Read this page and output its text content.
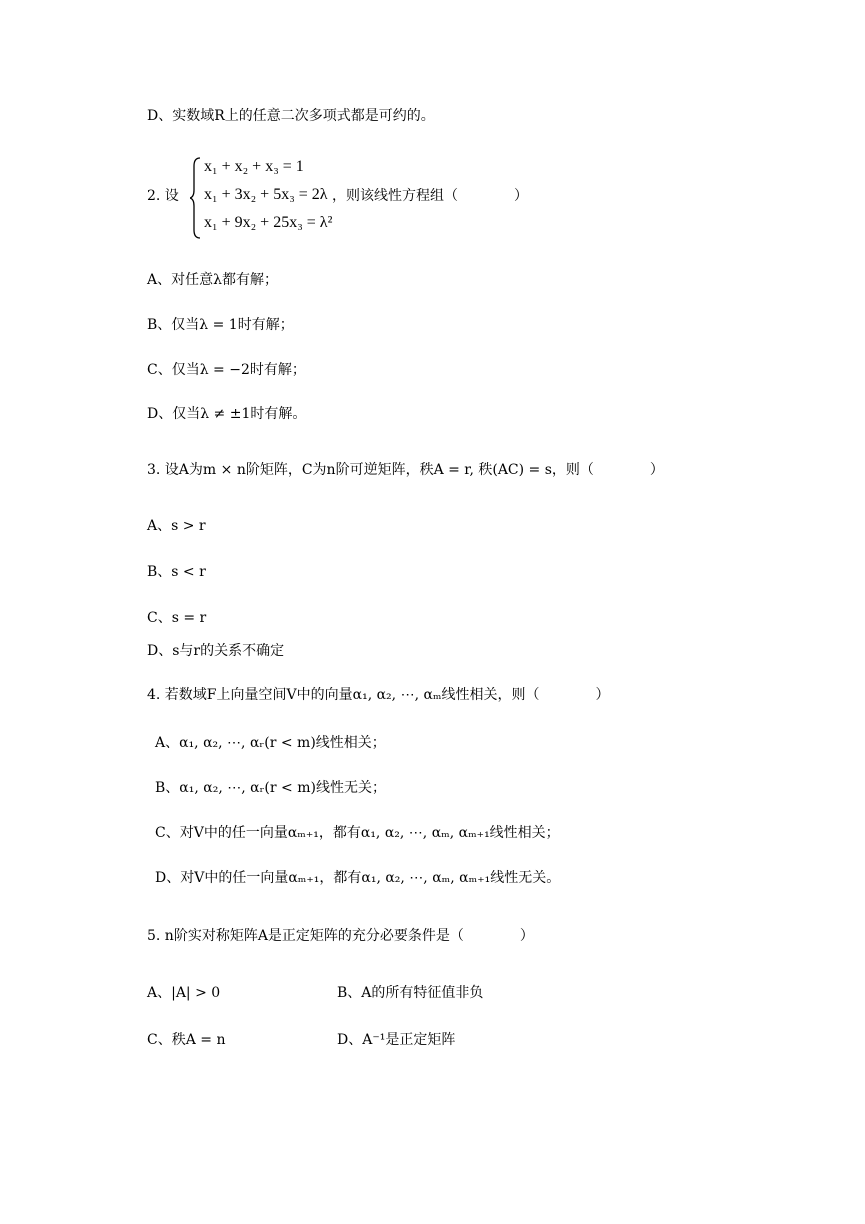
D、实数域R上的任意二次多项式都是可约的。
2. 设
x₁ + x₂ + x₃ = 1
x₁ + 3x₂ + 5x₃ = 2λ
x₁ + 9x₂ + 25x₃ = λ²
，则该线性方程组（　　　　）
A、对任意λ都有解；
B、仅当λ = 1时有解；
C、仅当λ = −2时有解；
D、仅当λ ≠ ±1时有解。
3. 设A为m × n阶矩阵，C为n阶可逆矩阵，秩A = r, 秩(AC) = s，则（　　　　）
A、s > r
B、s < r
C、s = r
D、s与r的关系不确定
4. 若数域F上向量空间V中的向量α₁, α₂, ⋯, αₘ线性相关，则（　　　　）
A、α₁, α₂, ⋯, αᵣ(r < m)线性相关；
B、α₁, α₂, ⋯, αᵣ(r < m)线性无关；
C、对V中的任一向量αₘ₊₁，都有α₁, α₂, ⋯, αₘ, αₘ₊₁线性相关；
D、对V中的任一向量αₘ₊₁，都有α₁, α₂, ⋯, αₘ, αₘ₊₁线性无关。
5. n阶实对称矩阵A是正定矩阵的充分必要条件是（　　　　）
A、|A| > 0	B、A的所有特征值非负
C、秩A = n	D、A⁻¹是正定矩阵
